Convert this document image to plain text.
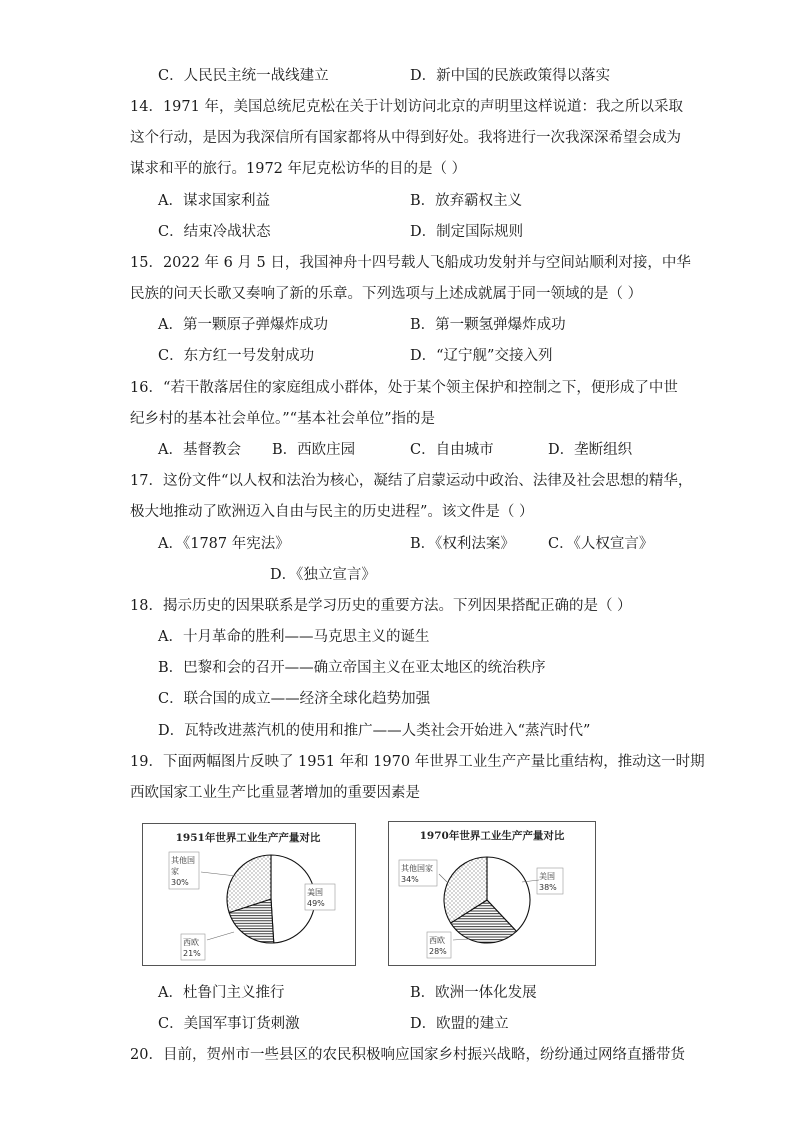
C．人民民主统一战线建立	D．新中国的民族政策得以落实
14．1971 年，美国总统尼克松在关于计划访问北京的声明里这样说道：我之所以采取
这个行动，是因为我深信所有国家都将从中得到好处。我将进行一次我深深希望会成为
谋求和平的旅行。1972 年尼克松访华的目的是（ ）
A．谋求国家利益	B．放弃霸权主义
C．结束冷战状态	D．制定国际规则
15．2022 年 6 月 5 日，我国神舟十四号载人飞船成功发射并与空间站顺利对接，中华
民族的问天长歌又奏响了新的乐章。下列选项与上述成就属于同一领域的是（ ）
A．第一颗原子弹爆炸成功	B．第一颗氢弹爆炸成功
C．东方红一号发射成功	D．“辽宁舰”交接入列
16．“若干散落居住的家庭组成小群体，处于某个领主保护和控制之下，便形成了中世
纪乡村的基本社会单位。”“基本社会单位”指的是
A．基督教会 B．西欧庄园	C．自由城市	D．垄断组织
17．这份文件“以人权和法治为核心，凝结了启蒙运动中政治、法律及社会思想的精华，
极大地推动了欧洲迈入自由与民主的历史进程”。该文件是（ ）
A．《1787 年宪法》	B．《权利法案》 C．《人权宣言》
D．《独立宣言》
18．揭示历史的因果联系是学习历史的重要方法。下列因果搭配正确的是（ ）
A．十月革命的胜利——马克思主义的诞生
B．巴黎和会的召开——确立帝国主义在亚太地区的统治秩序
C．联合国的成立——经济全球化趋势加强
D．瓦特改进蒸汽机的使用和推广——人类社会开始进入“蒸汽时代”
19．下面两幅图片反映了 1951 年和 1970 年世界工业生产产量比重结构，推动这一时期
西欧国家工业生产比重显著增加的重要因素是
1951年世界工业生产产量对比
美国
49%
西欧
21%
其他国
家
30%
1970年世界工业生产产量对比
美国
38%
西欧
28%
其他国家
34%
A．杜鲁门主义推行	B．欧洲一体化发展
C．美国军事订货刺激	D．欧盟的建立
20．目前，贺州市一些县区的农民积极响应国家乡村振兴战略，纷纷通过网络直播带货
